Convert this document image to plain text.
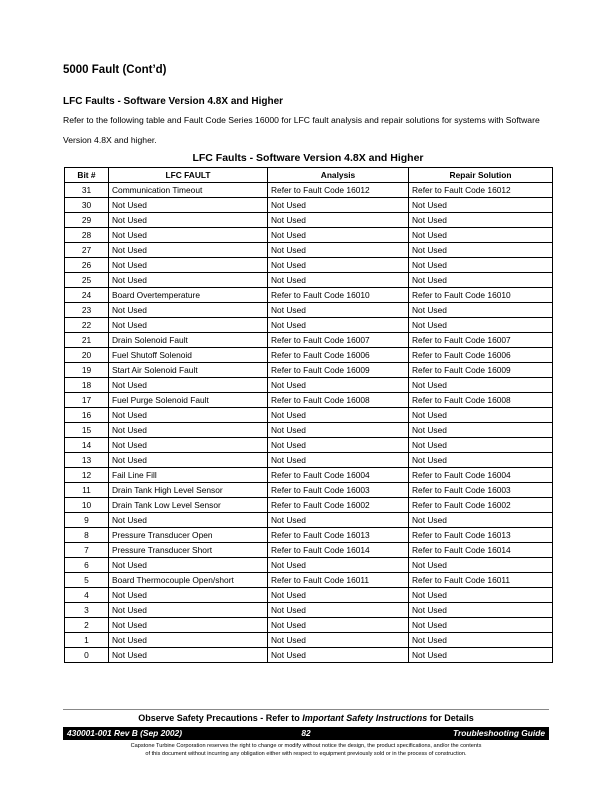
5000 Fault (Cont’d)
LFC Faults - Software Version 4.8X and Higher
Refer to the following table and Fault Code Series 16000 for LFC fault analysis and repair solutions for systems with Software Version 4.8X and higher.
LFC Faults - Software Version 4.8X and Higher
Bit #	LFC FAULT	Analysis	Repair Solution
31	Communication Timeout	Refer to Fault Code 16012	Refer to Fault Code 16012
30	Not Used	Not Used	Not Used
29	Not Used	Not Used	Not Used
28	Not Used	Not Used	Not Used
27	Not Used	Not Used	Not Used
26	Not Used	Not Used	Not Used
25	Not Used	Not Used	Not Used
24	Board Overtemperature	Refer to Fault Code 16010	Refer to Fault Code 16010
23	Not Used	Not Used	Not Used
22	Not Used	Not Used	Not Used
21	Drain Solenoid Fault	Refer to Fault Code 16007	Refer to Fault Code 16007
20	Fuel Shutoff Solenoid	Refer to Fault Code 16006	Refer to Fault Code 16006
19	Start Air Solenoid Fault	Refer to Fault Code 16009	Refer to Fault Code 16009
18	Not Used	Not Used	Not Used
17	Fuel Purge Solenoid Fault	Refer to Fault Code 16008	Refer to Fault Code 16008
16	Not Used	Not Used	Not Used
15	Not Used	Not Used	Not Used
14	Not Used	Not Used	Not Used
13	Not Used	Not Used	Not Used
12	Fail Line Fill	Refer to Fault Code 16004	Refer to Fault Code 16004
11	Drain Tank High Level Sensor	Refer to Fault Code 16003	Refer to Fault Code 16003
10	Drain Tank Low Level Sensor	Refer to Fault Code 16002	Refer to Fault Code 16002
9	Not Used	Not Used	Not Used
8	Pressure Transducer Open	Refer to Fault Code 16013	Refer to Fault Code 16013
7	Pressure Transducer Short	Refer to Fault Code 16014	Refer to Fault Code 16014
6	Not Used	Not Used	Not Used
5	Board Thermocouple Open/short	Refer to Fault Code 16011	Refer to Fault Code 16011
4	Not Used	Not Used	Not Used
3	Not Used	Not Used	Not Used
2	Not Used	Not Used	Not Used
1	Not Used	Not Used	Not Used
0	Not Used	Not Used	Not Used
Observe Safety Precautions - Refer to Important Safety Instructions for Details
430001-001 Rev B (Sep 2002)	82	Troubleshooting Guide
Capstone Turbine Corporation reserves the right to change or modify without notice the design, the product specifications, and/or the contents
of this document without incurring any obligation either with respect to equipment previously sold or in the process of construction.
